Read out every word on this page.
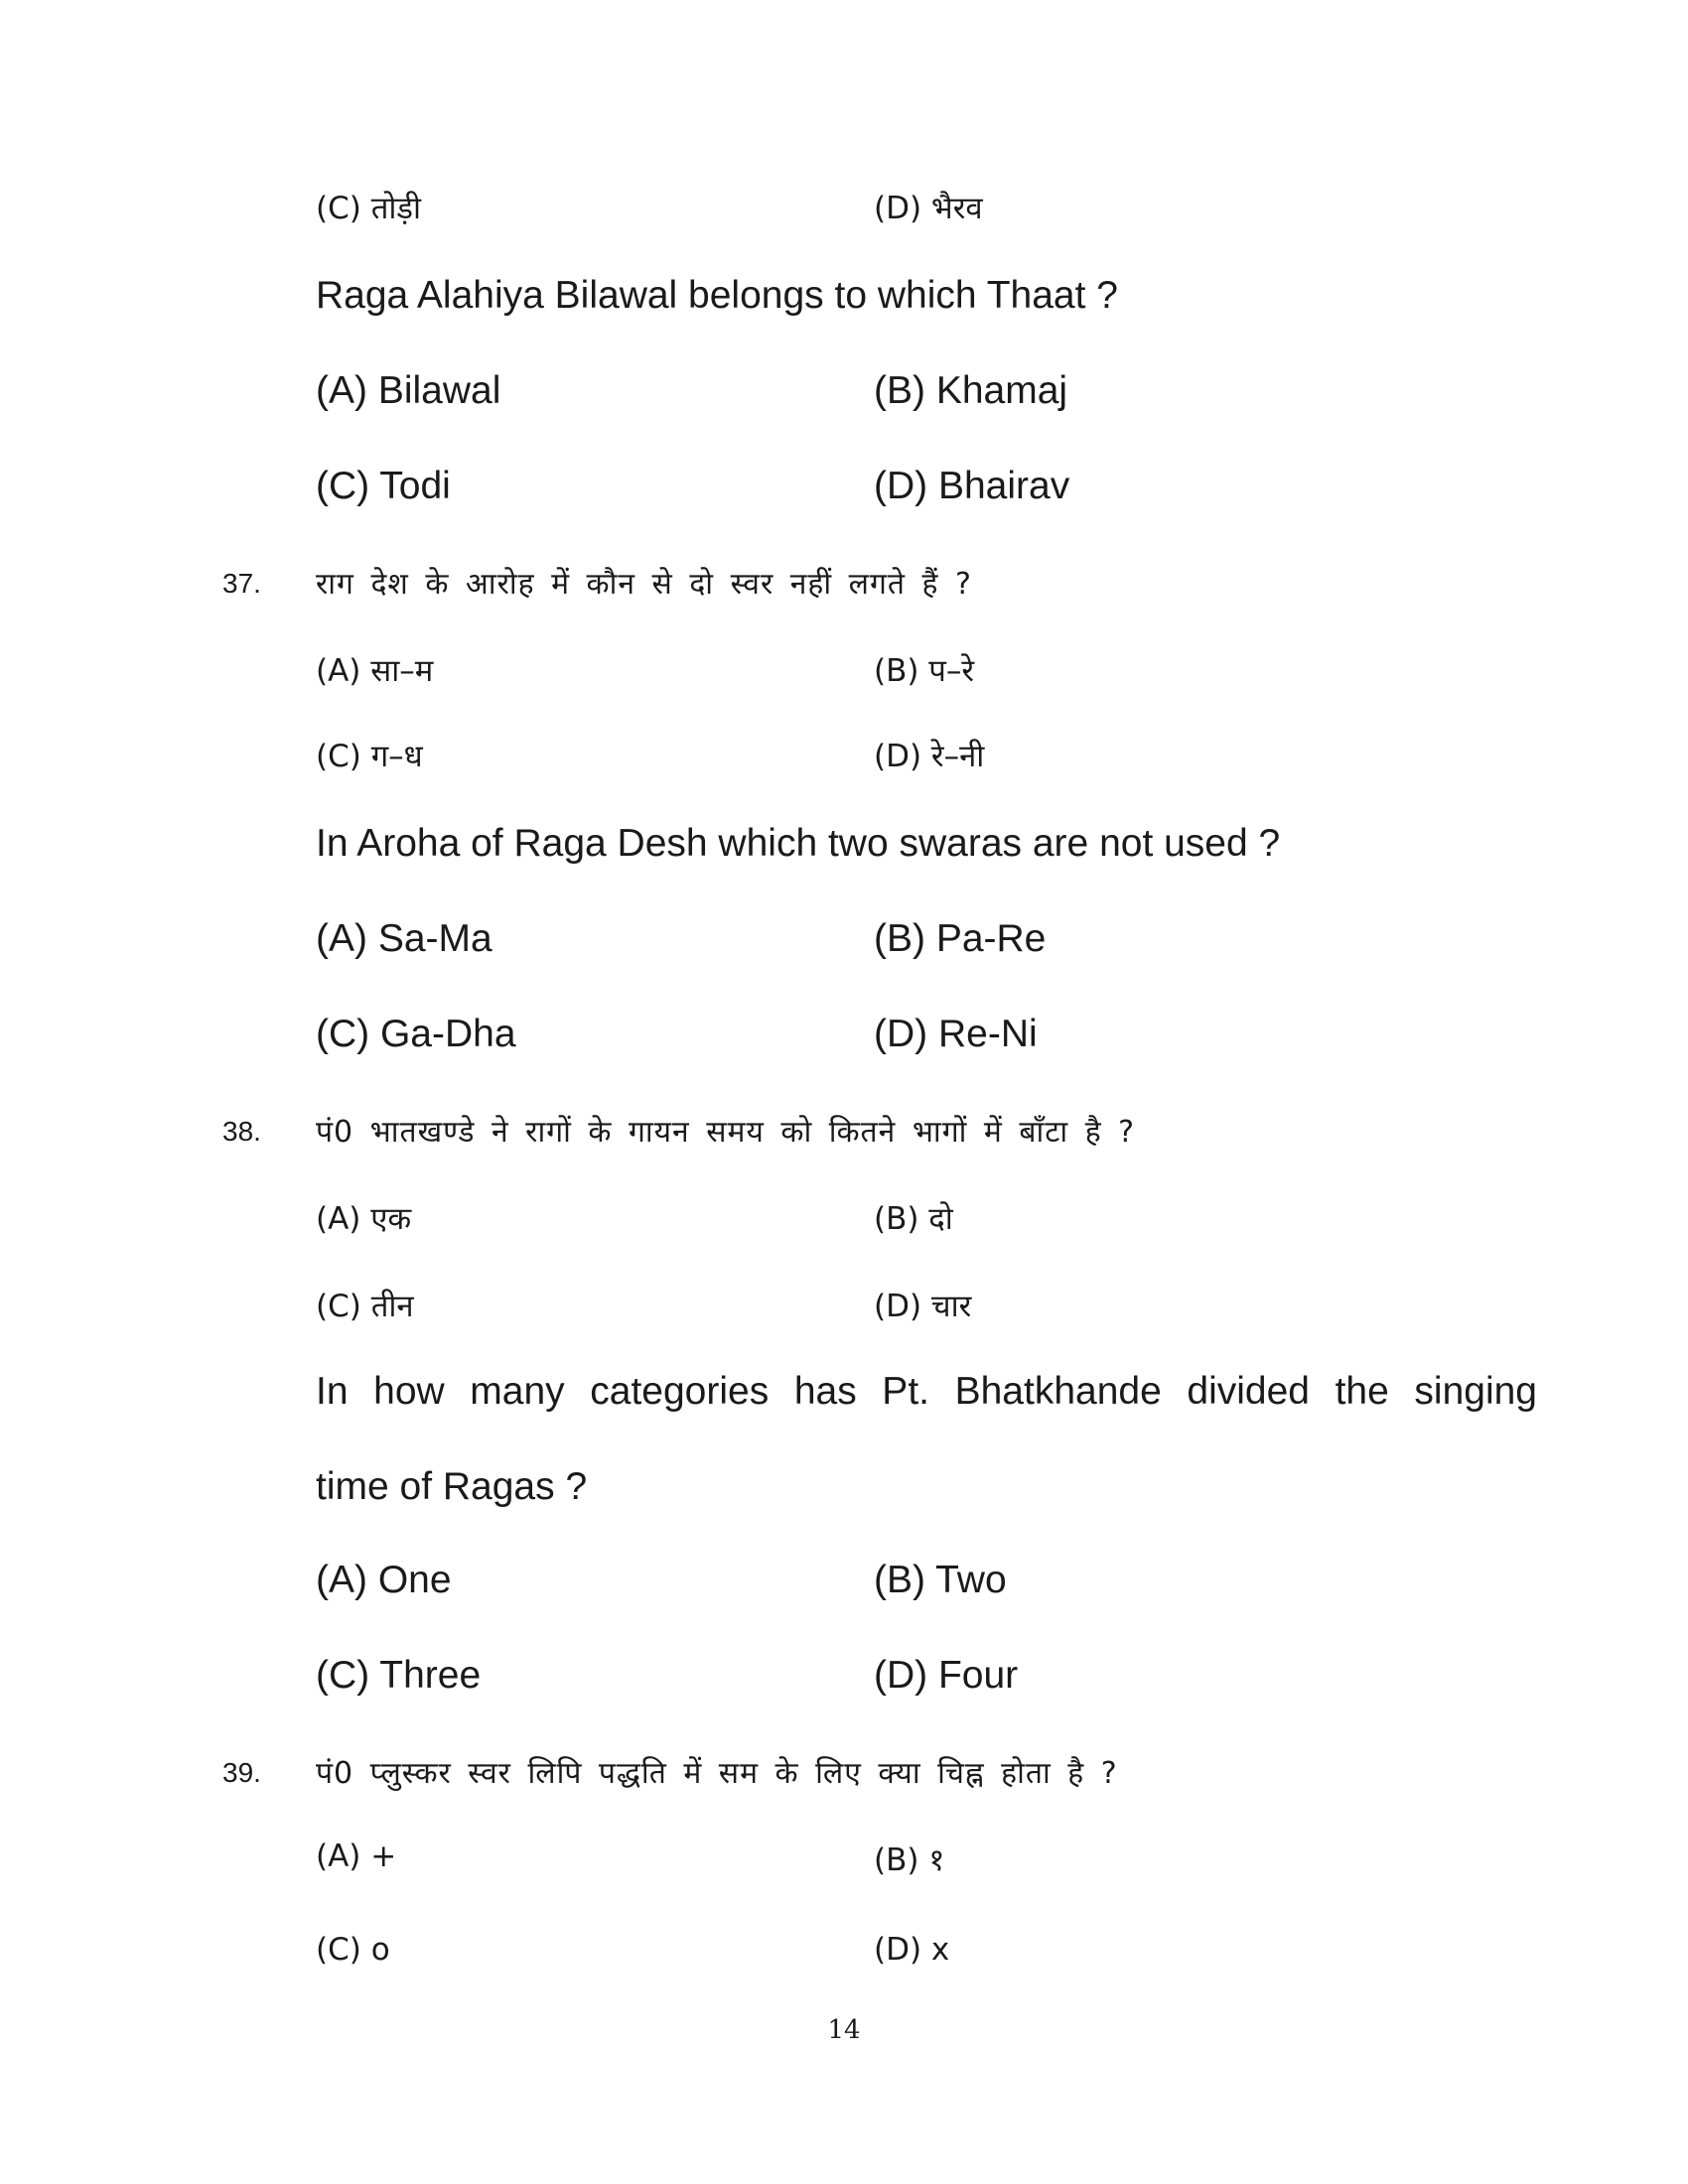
(C) तोड़ी	(D) भैरव
Raga Alahiya Bilawal belongs to which Thaat ?
(A) Bilawal	(B) Khamaj
(C) Todi	(D) Bhairav
37. राग देश के आरोह में कौन से दो स्वर नहीं लगते हैं ?
(A) सा–म	(B) प–रे
(C) ग–ध	(D) रे–नी
In Aroha of Raga Desh which two swaras are not used ?
(A) Sa-Ma	(B) Pa-Re
(C) Ga-Dha	(D) Re-Ni
38. पं0 भातखण्डे ने रागों के गायन समय को कितने भागों में बाँटा है ?
(A) एक	(B) दो
(C) तीन	(D) चार
In how many categories has Pt. Bhatkhande divided the singing
time of Ragas ?
(A) One	(B) Two
(C) Three	(D) Four
39. पं0 प्लुस्कर स्वर लिपि पद्धति में सम के लिए क्या चिह्न होता है ?
(A) +	(B) १
(C) o	(D) x
14
